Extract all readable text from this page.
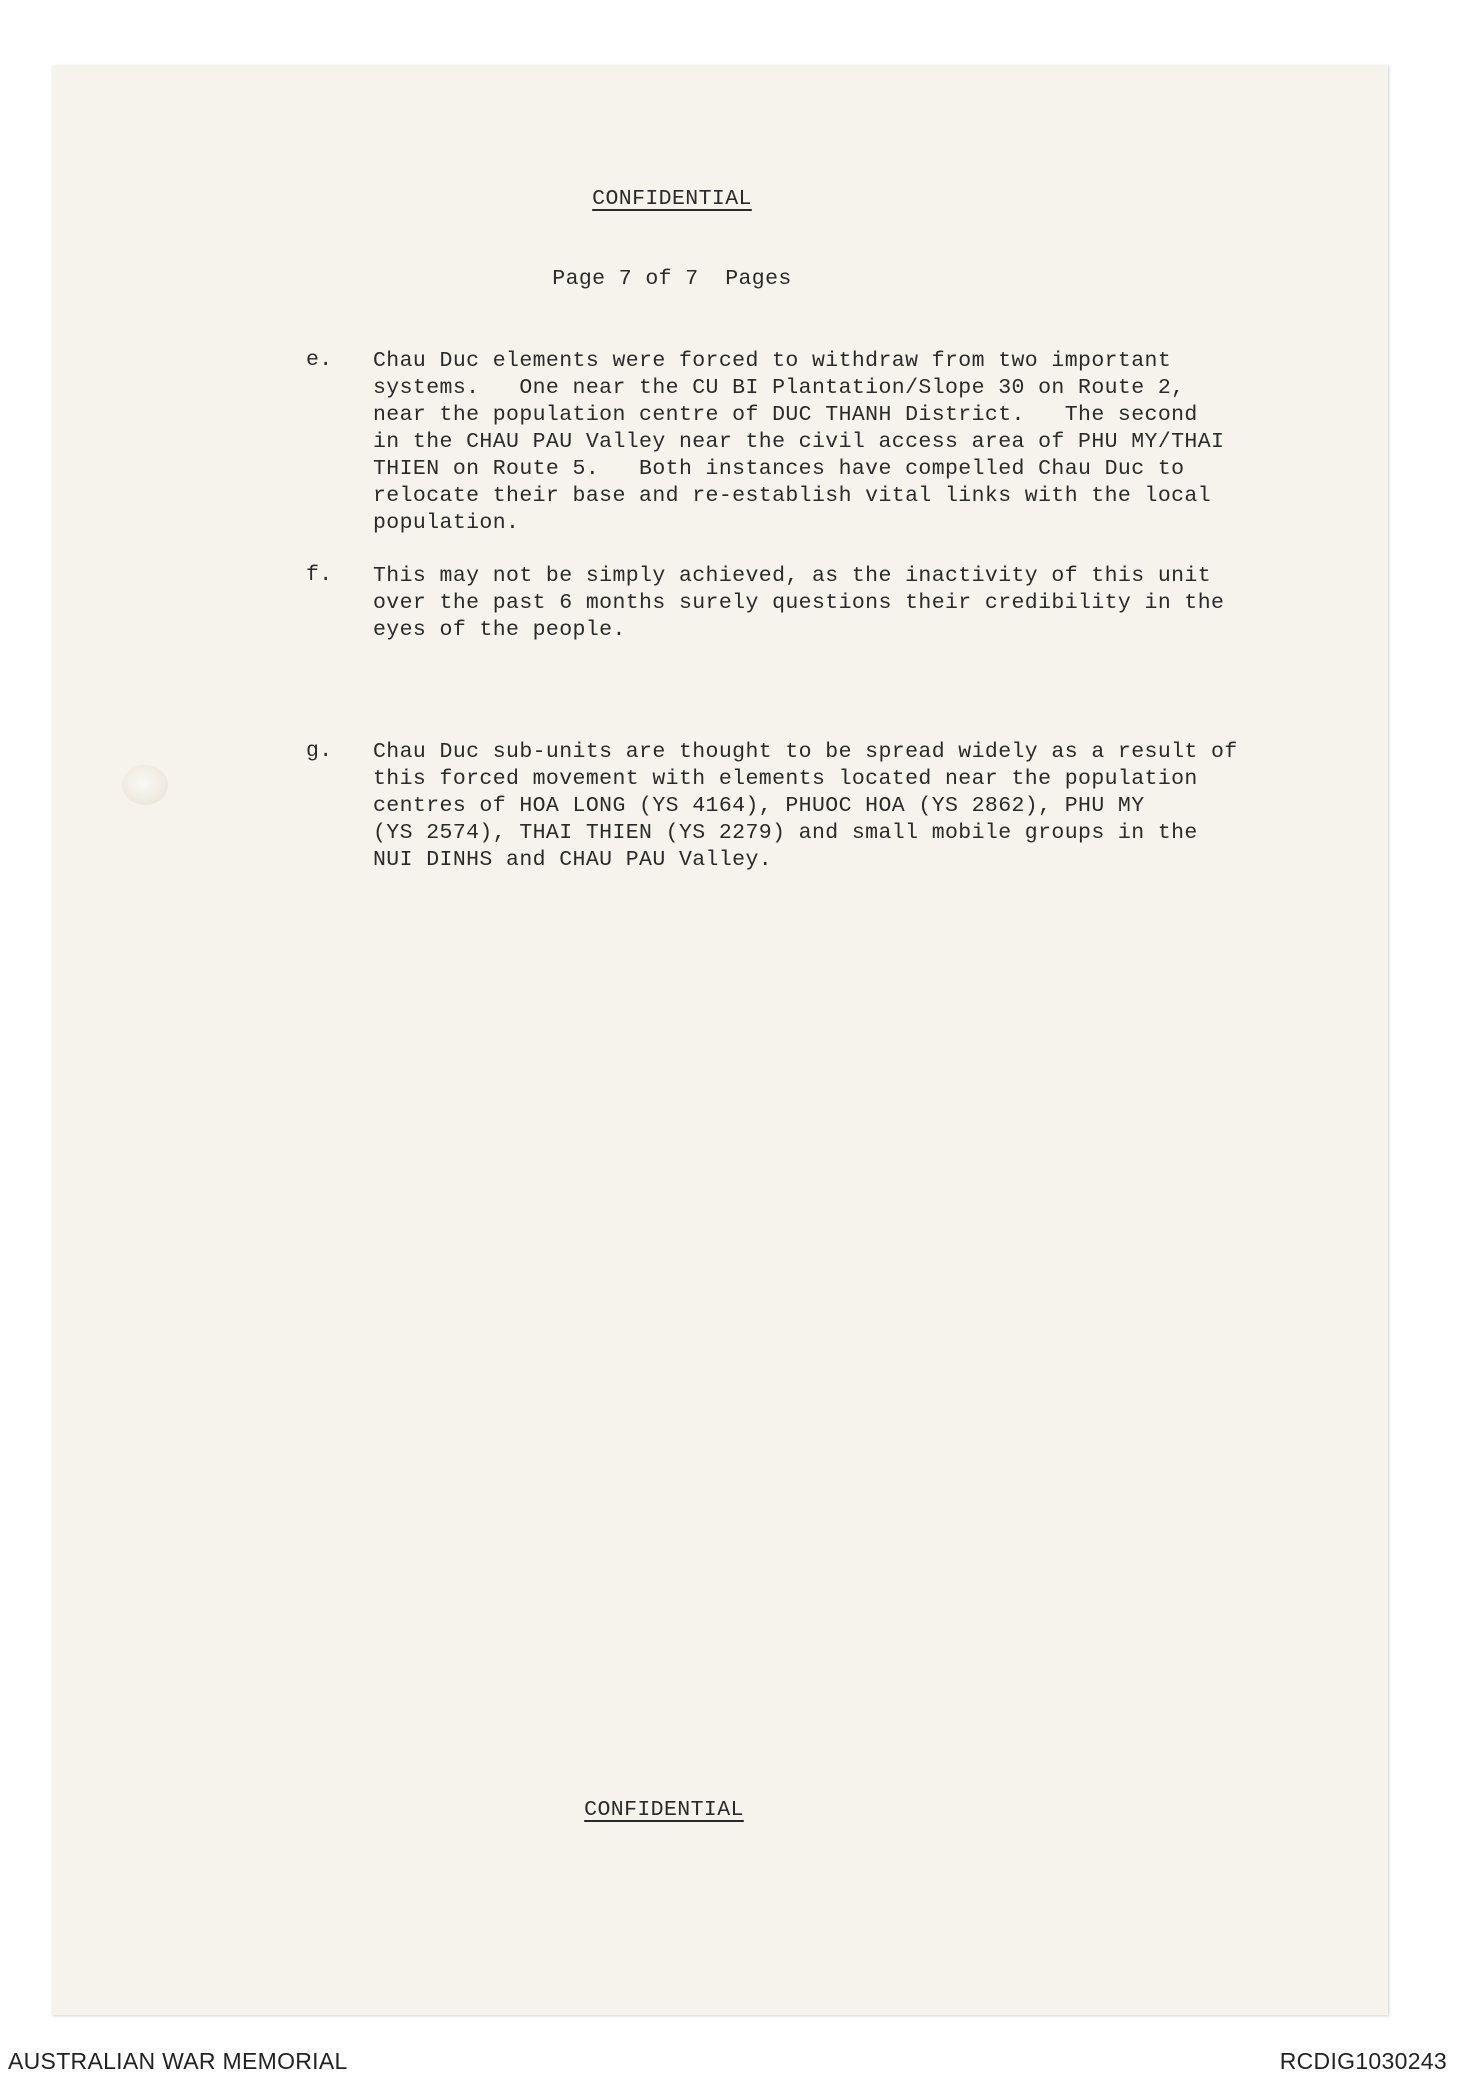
CONFIDENTIAL
Page 7 of 7  Pages
e. Chau Duc elements were forced to withdraw from two important
systems.   One near the CU BI Plantation/Slope 30 on Route 2,
near the population centre of DUC THANH District.   The second
in the CHAU PAU Valley near the civil access area of PHU MY/THAI
THIEN on Route 5.   Both instances have compelled Chau Duc to
relocate their base and re-establish vital links with the local
population.
f. This may not be simply achieved, as the inactivity of this unit
over the past 6 months surely questions their credibility in the
eyes of the people.
g. Chau Duc sub-units are thought to be spread widely as a result of
this forced movement with elements located near the population
centres of HOA LONG (YS 4164), PHUOC HOA (YS 2862), PHU MY
(YS 2574), THAI THIEN (YS 2279) and small mobile groups in the
NUI DINHS and CHAU PAU Valley.
CONFIDENTIAL
AUSTRALIAN WAR MEMORIAL	RCDIG1030243
